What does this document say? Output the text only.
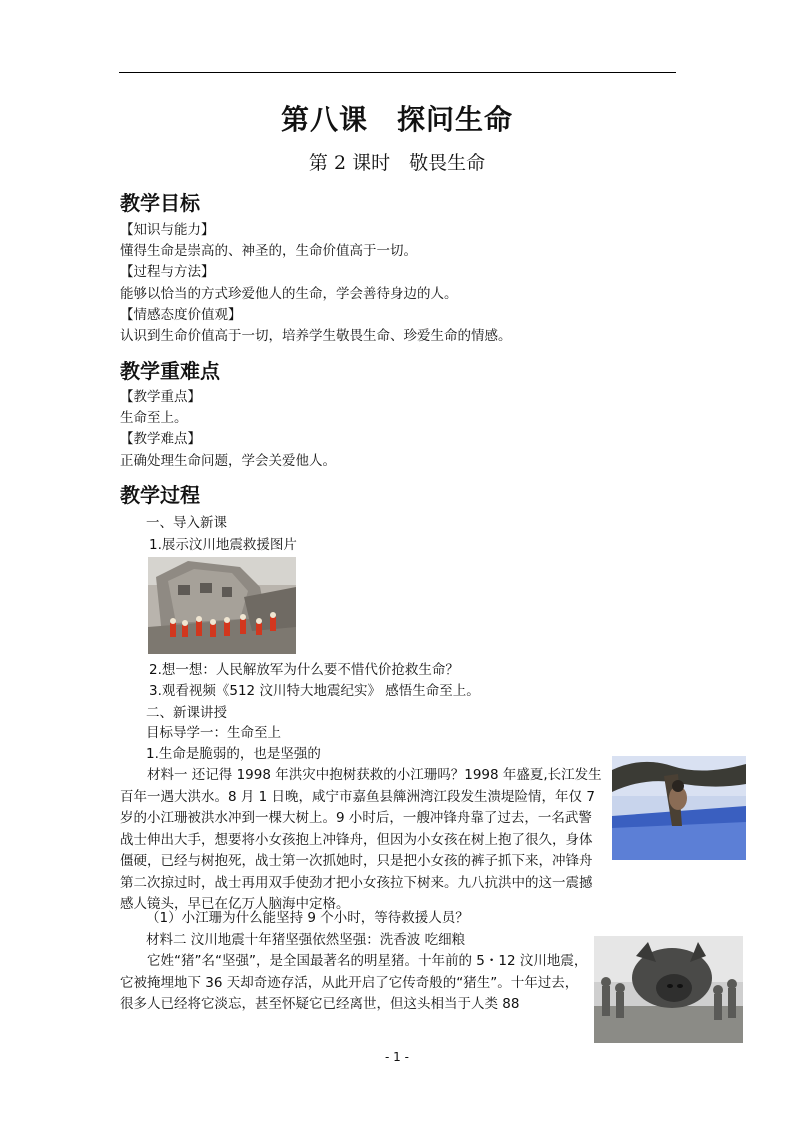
第八课　探问生命
第 2 课时　敬畏生命
教学目标
【知识与能力】
懂得生命是崇高的、神圣的，生命价值高于一切。
【过程与方法】
能够以恰当的方式珍爱他人的生命，学会善待身边的人。
【情感态度价值观】
认识到生命价值高于一切，培养学生敬畏生命、珍爱生命的情感。
教学重难点
【教学重点】
生命至上。
【教学难点】
正确处理生命问题，学会关爱他人。
教学过程
一、导入新课
1.展示汶川地震救援图片
2.想一想：人民解放军为什么要不惜代价抢救生命？
3.观看视频《512 汶川特大地震纪实》 感悟生命至上。
二、新课讲授
目标导学一：生命至上
1.生命是脆弱的，也是坚强的
材料一 还记得 1998 年洪灾中抱树获救的小江珊吗？1998 年盛夏,长江发生百年一遇大洪水。8 月 1 日晚，咸宁市嘉鱼县簰洲湾江段发生溃堤险情，年仅 7 岁的小江珊被洪水冲到一棵大树上。9 小时后，一艘冲锋舟靠了过去，一名武警战士伸出大手，想要将小女孩抱上冲锋舟，但因为小女孩在树上抱了很久，身体僵硬，已经与树抱死，战士第一次抓她时，只是把小女孩的裤子抓下来，冲锋舟第二次掠过时，战士再用双手使劲才把小女孩拉下树来。九八抗洪中的这一震撼感人镜头，早已在亿万人脑海中定格。
（1）小江珊为什么能坚持 9 个小时，等待救援人员？
材料二 汶川地震十年猪坚强依然坚强：洗香波 吃细粮
它姓“猪”名“坚强”，是全国最著名的明星猪。十年前的 5・12 汶川地震，它被掩埋地下 36 天却奇迹存活，从此开启了它传奇般的“猪生”。十年过去，很多人已经将它淡忘，甚至怀疑它已经离世，但这头相当于人类 88
- 1 -
